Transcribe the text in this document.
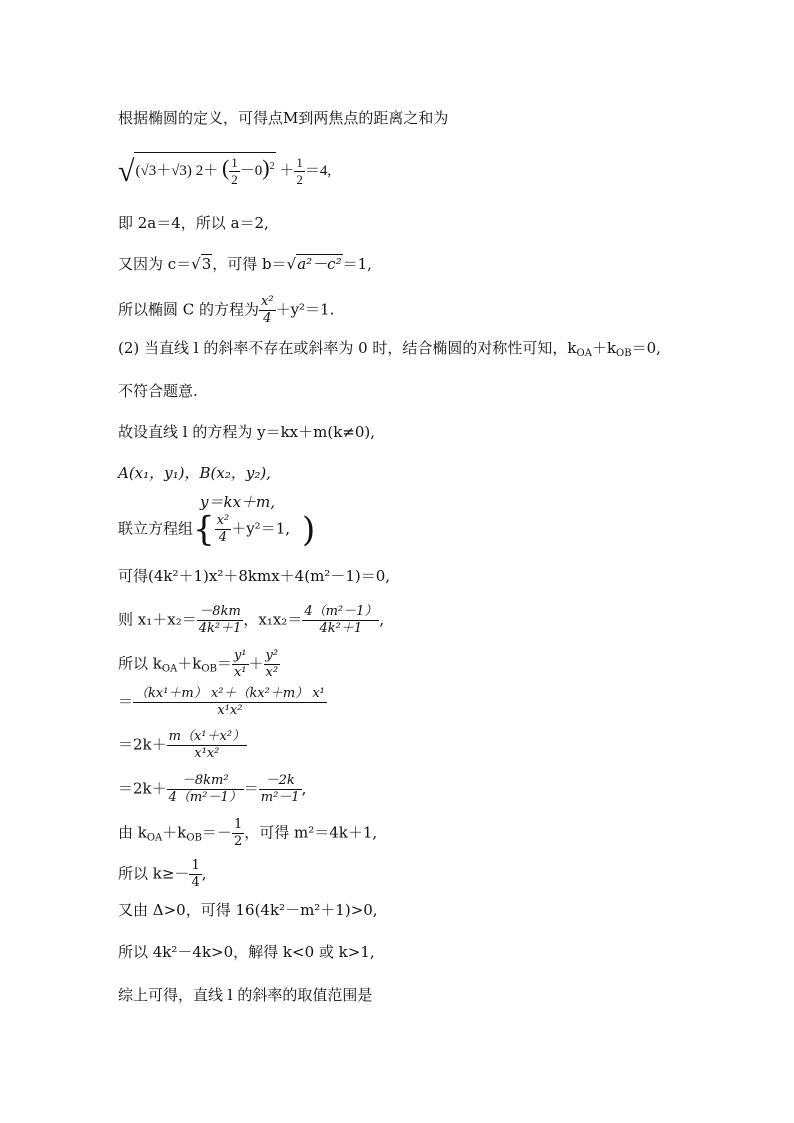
根据椭圆的定义，可得点M到两焦点的距离之和为
√(√3＋√3) 2＋ ( $\frac{1}{2} -0)^2 + \frac{1}{2} =4$,
即 2a＝4，所以 a＝2,
又因为 c＝√3，可得 b＝√a²－c²＝1,
所以椭圆 C 的方程为 $\frac{\text{x²}}{4} +y^2=1$.
(2) 当直线 l 的斜率不存在或斜率为 0 时，结合椭圆的对称性可知，$k_{OA}+k_{OB}=0$,
不符合题意.
故设直线 l 的方程为 y＝kx＋m(k≠0),
A(x₁，y₁)，B(x₂，y₂),
y＝kx＋m,
联立方程组{ $\frac{\text{x²}}{4} +y^2=1$, )
可得(4k²＋1)x²＋8kmx＋4(m²－1)＝0,
则 $x_1+x_2= \frac{-8km}{\text{4k²＋1}}$ ，$x_1x_2= \frac{\text{4（m²－1）}}{\text{4k²＋1}}$ ,
所以 $k_{OA}+k_{OB}= \frac{\text{y¹}}{\text{x¹}} + \frac{\text{y²}}{\text{x²}}$
＝ $\frac{\text{（kx¹＋m） x²＋（kx²＋m） x¹}}{\text{x¹x²}}$
$=2k+ \frac{\text{m（x¹＋x²）}}{\text{x¹x²}}$
$=2k+ \frac{\text{－8km²}}{\text{4（m²－1）}} = \frac{-2k}{\text{m²－1}}$ ,
由 $k_{OA}+k_{OB}=- \frac{1}{2}$ ，可得 m²＝4k＋1,
所以 $k\ge- \frac{1}{4}$ ,
又由 Δ>0，可得 16(4k²－m²＋1)>0,
所以 4k²－4k>0，解得 k<0 或 k>1,
综上可得，直线 l 的斜率的取值范围是
